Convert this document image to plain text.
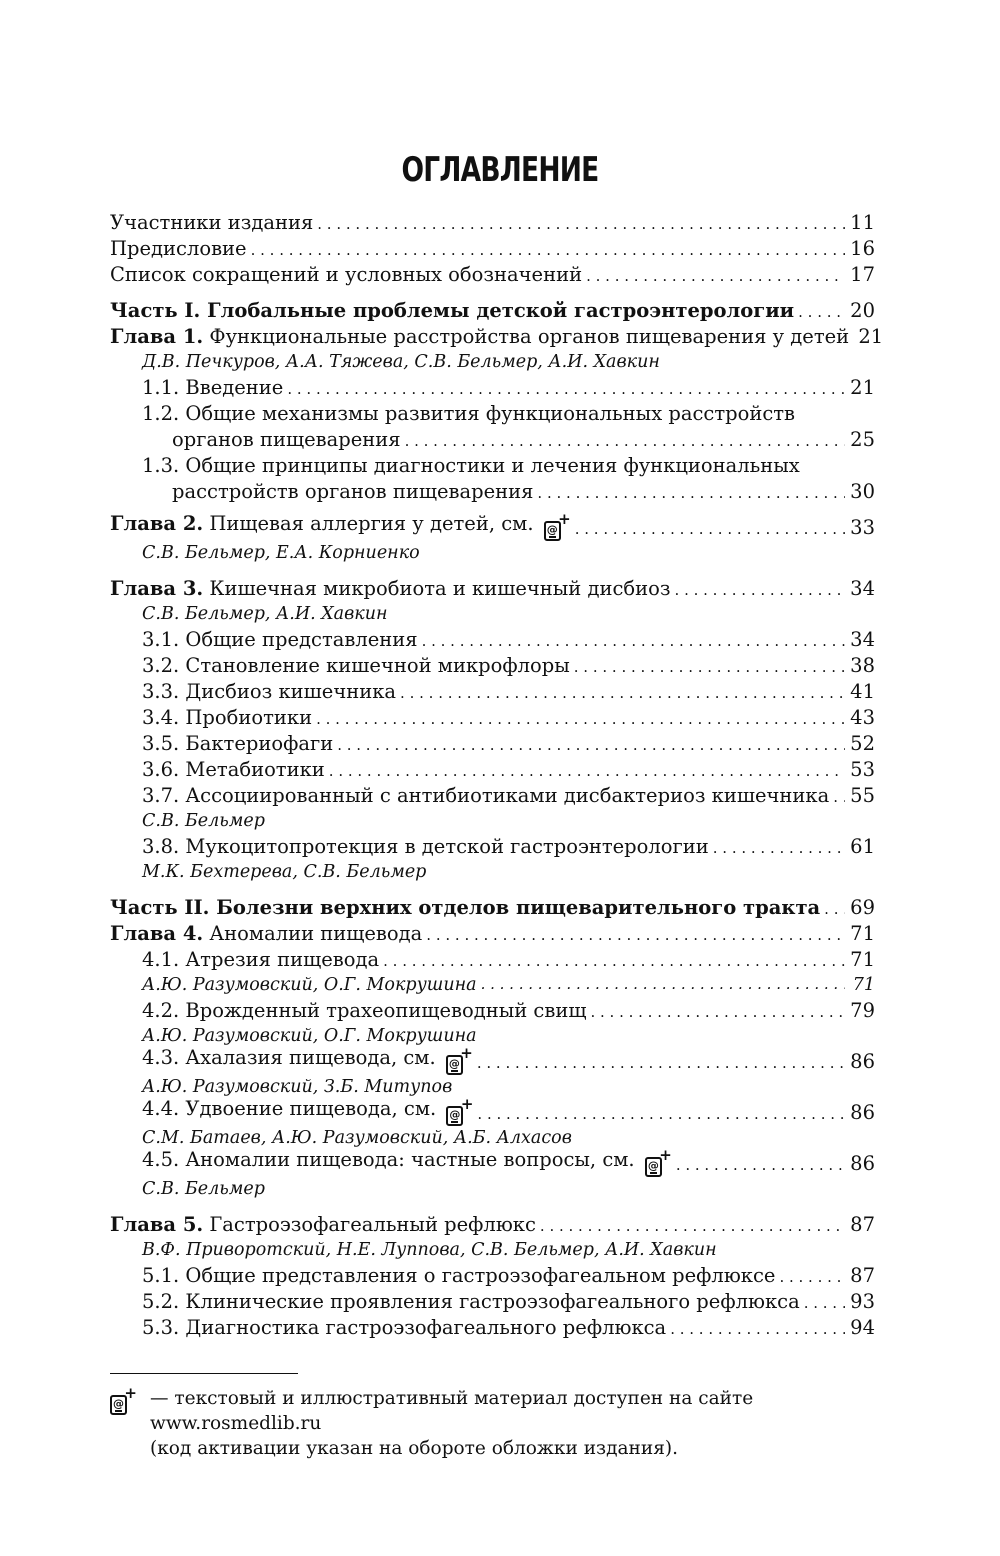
ОГЛАВЛЕНИЕ
Участники издания . . .	11
Предисловие . . .	16
Список сокращений и условных обозначений . . .	17
Часть I. Глобальные проблемы детской гастроэнтерологии . . .	20
Глава 1. Функциональные расстройства органов пищеварения у детей 21
Д.В. Печкуров, А.А. Тяжева, С.В. Бельмер, А.И. Хавкин
1.1. Введение . . .	21
1.2. Общие механизмы развития функциональных расстройств
органов пищеварения . . .	25
1.3. Общие принципы диагностики и лечения функциональных
расстройств органов пищеварения . . .	30
Глава 2. Пищевая аллергия у детей, см. @ + . . .	33
С.В. Бельмер, Е.А. Корниенко
Глава 3. Кишечная микробиота и кишечный дисбиоз . . .	34
С.В. Бельмер, А.И. Хавкин
3.1. Общие представления . . .	34
3.2. Становление кишечной микрофлоры . . .	38
3.3. Дисбиоз кишечника . . .	41
3.4. Пробиотики . . .	43
3.5. Бактериофаги . . .	52
3.6. Метабиотики . . .	53
3.7. Ассоциированный с антибиотиками дисбактериоз кишечника . . . 55
С.В. Бельмер
3.8. Мукоцитопротекция в детской гастроэнтерологии . . .	61
М.К. Бехтерева, С.В. Бельмер
Часть II. Болезни верхних отделов пищеварительного тракта . . . 69
Глава 4. Аномалии пищевода . . .	71
4.1. Атрезия пищевода . . .	71
А.Ю. Разумовский, О.Г. Мокрушина . . .	71
4.2. Врожденный трахеопищеводный свищ . . .	79
А.Ю. Разумовский, О.Г. Мокрушина
4.3. Ахалазия пищевода, см. @ + . . .	86
А.Ю. Разумовский, З.Б. Митупов
4.4. Удвоение пищевода, см. @ + . . .	86
С.М. Батаев, А.Ю. Разумовский, А.Б. Алхасов
4.5. Аномалии пищевода: частные вопросы, см. @ + . . .	86
С.В. Бельмер
Глава 5. Гастроэзофагеальный рефлюкс . . .	87
В.Ф. Приворотский, Н.Е. Луппова, С.В. Бельмер, А.И. Хавкин
5.1. Общие представления о гастроэзофагеальном рефлюксе . . .	87
5.2. Клинические проявления гастроэзофагеального рефлюкса . . .	93
5.3. Диагностика гастроэзофагеального рефлюкса . . .	94
@ +	— текстовый и иллюстративный материал доступен на сайте www.rosmedlib.ru
(код активации указан на обороте обложки издания).
